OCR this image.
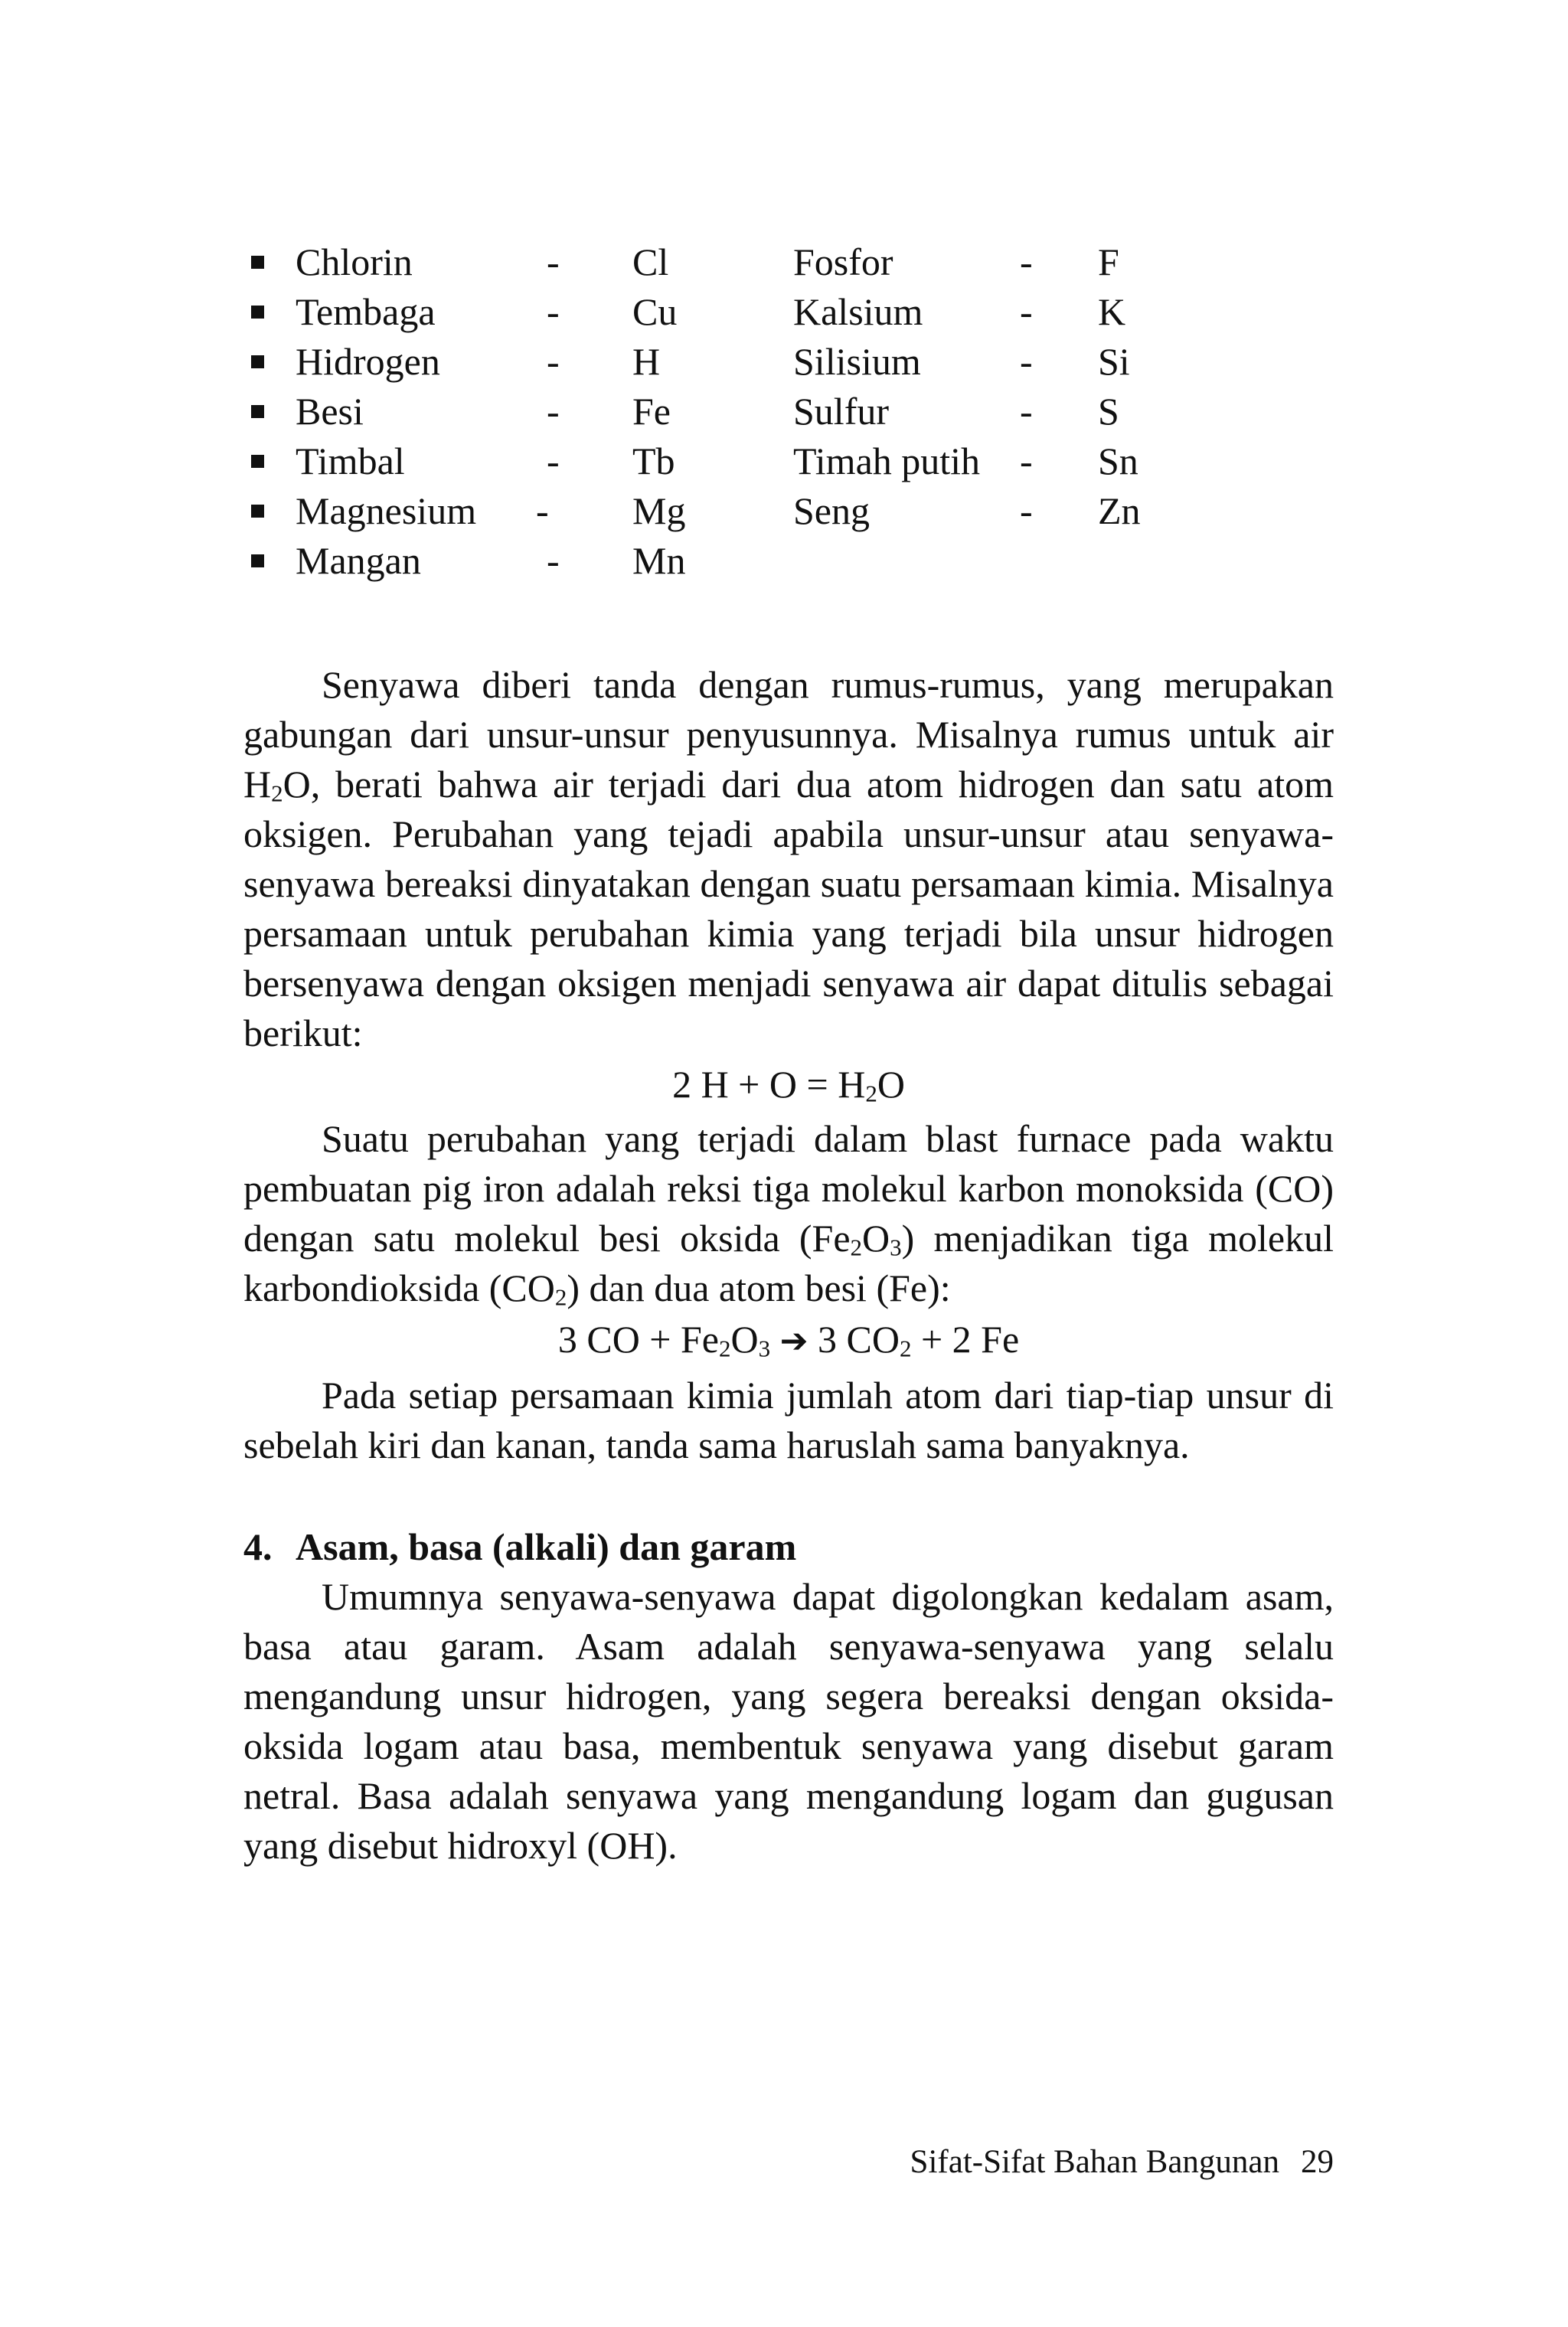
Chlorin	- Cl	Fosfor	- F
Tembaga	- Cu	Kalsium	- K
Hidrogen	- H	Silisium	- Si
Besi	- Fe	Sulfur	- S
Timbal	- Tb	Timah putih - Sn
Magnesium - Mg	Seng	- Zn
Mangan	- Mn

Senyawa diberi tanda dengan rumus-rumus, yang merupakan gabungan dari unsur-unsur penyusunnya. Misalnya rumus untuk air $H_2O$, berati bahwa air terjadi dari dua atom hidrogen dan satu atom oksigen. Perubahan yang tejadi apabila unsur-unsur atau senyawa-senyawa bereaksi dinyatakan dengan suatu persamaan kimia. Misalnya persamaan untuk perubahan kimia yang terjadi bila unsur hidrogen bersenyawa dengan oksigen menjadi senyawa air dapat ditulis sebagai berikut:

2 $H + O = H_2O$

Suatu perubahan yang terjadi dalam blast furnace pada waktu pembuatan pig iron adalah reksi tiga molekul karbon monoksida (CO) dengan satu molekul besi oksida $(Fe_2O_3)$ menjadikan tiga molekul karbondioksida $(CO_2)$ dan dua atom besi (Fe):

3 CO + $Fe_2O_3$ ➔ 3 $CO_2 + 2$ Fe

Pada setiap persamaan kimia jumlah atom dari tiap-tiap unsur di sebelah kiri dan kanan, tanda sama haruslah sama banyaknya.

4. Asam, basa (alkali) dan garam

Umumnya senyawa-senyawa dapat digolongkan kedalam asam, basa atau garam. Asam adalah senyawa-senyawa yang selalu mengandung unsur hidrogen, yang segera bereaksi dengan oksida-oksida logam atau basa, membentuk senyawa yang disebut garam netral. Basa adalah senyawa yang mengandung logam dan gugusan yang disebut hidroxyl (OH).

Sifat-Sifat Bahan Bangunan 29
